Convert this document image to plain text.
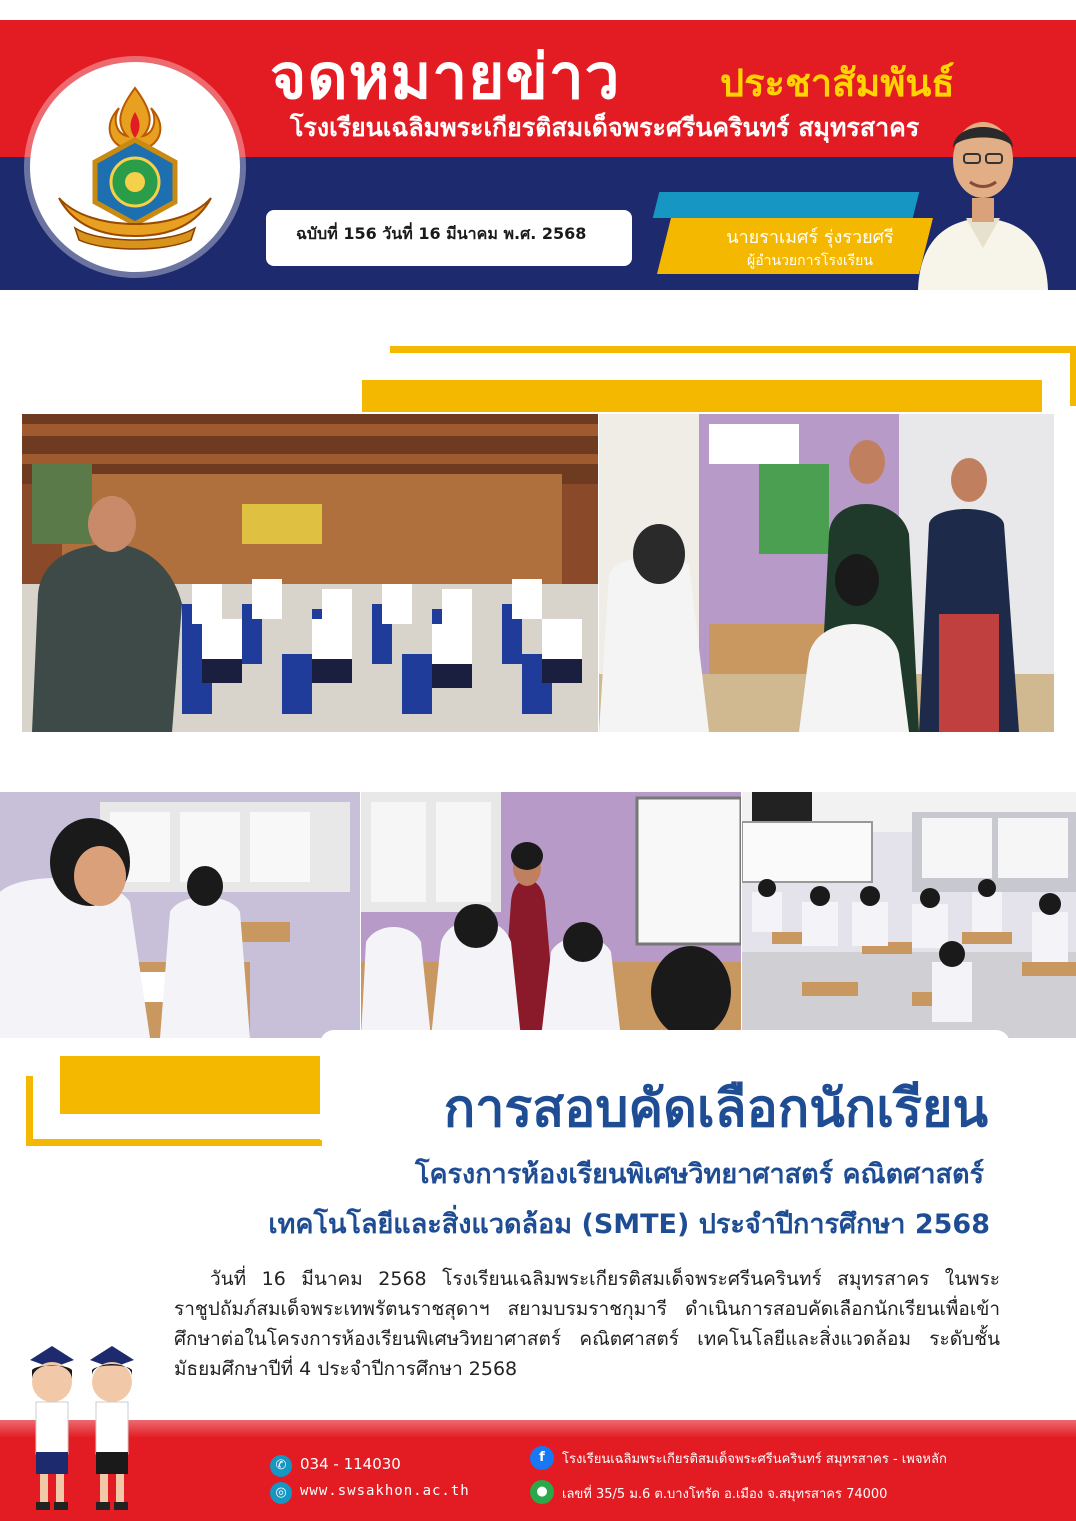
จดหมายข่าว	ประชาสัมพันธ์
โรงเรียนเฉลิมพระเกียรติสมเด็จพระศรีนครินทร์ สมุทรสาคร
ฉบับที่ 156 วันที่ 16 มีนาคม พ.ศ. 2568	นายราเมศร์ รุ่งรวยศรี
ผู้อำนวยการโรงเรียน
การสอบคัดเลือกนักเรียน
โครงการห้องเรียนพิเศษวิทยาศาสตร์ คณิตศาสตร์
เทคโนโลยีและสิ่งแวดล้อม (SMTE) ประจำปีการศึกษา 2568

วันที่ 16 มีนาคม 2568 โรงเรียนเฉลิมพระเกียรติสมเด็จพระศรีนครินทร์ สมุทรสาคร ในพระราชูปถัมภ์สมเด็จพระเทพรัตนราชสุดาฯ สยามบรมราชกุมารี ดำเนินการสอบคัดเลือกนักเรียนเพื่อเข้าศึกษาต่อในโครงการห้องเรียนพิเศษวิทยาศาสตร์ คณิตศาสตร์ เทคโนโลยีและสิ่งแวดล้อม ระดับชั้นมัธยมศึกษาปีที่ 4 ประจำปีการศึกษา 2568

✆ 034 - 114030
◎ www.swsakhon.ac.th
f	โรงเรียนเฉลิมพระเกียรติสมเด็จพระศรีนครินทร์ สมุทรสาคร - เพจหลัก
●	เลขที่ 35/5 ม.6 ต.บางโทรัด อ.เมือง จ.สมุทรสาคร 74000
